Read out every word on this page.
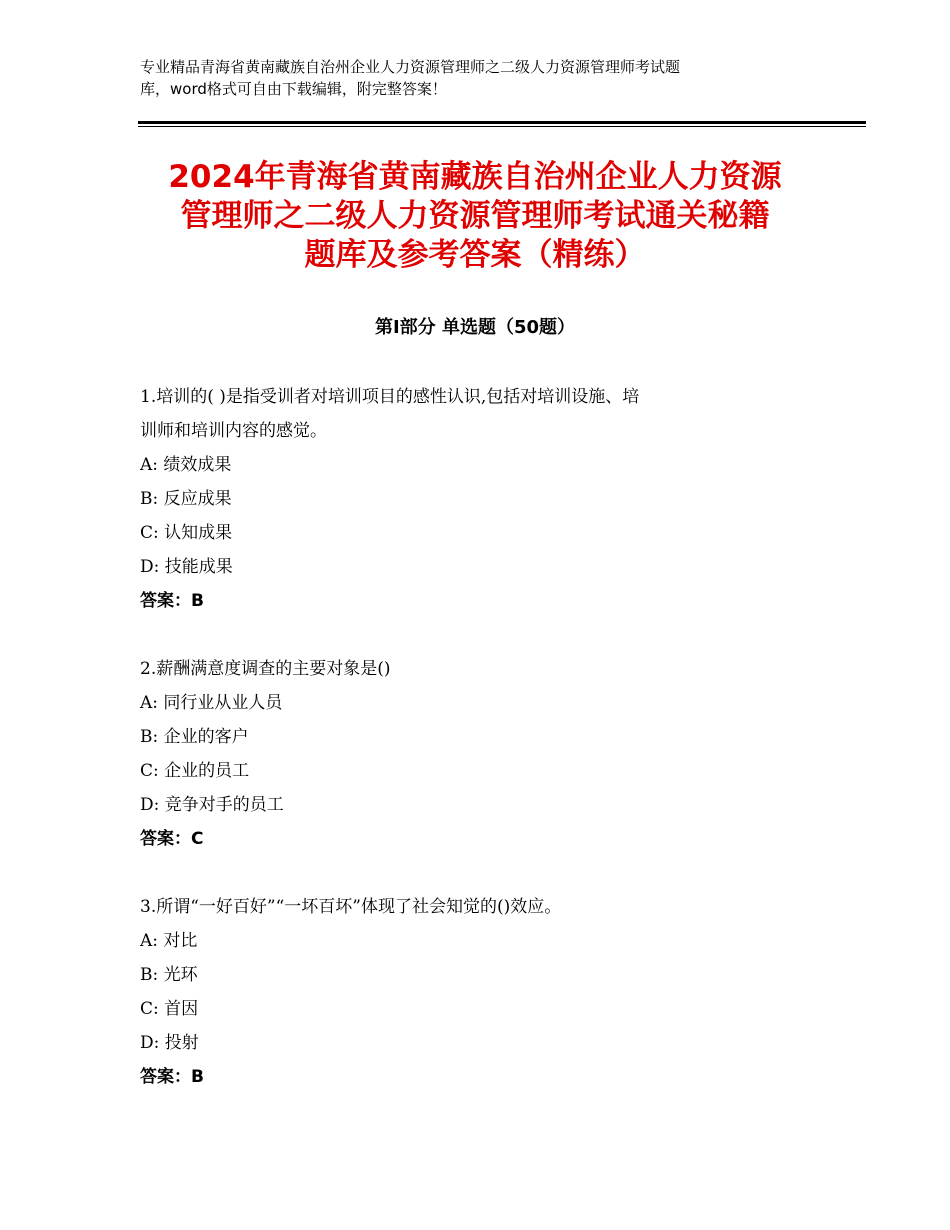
专业精品青海省黄南藏族自治州企业人力资源管理师之二级人力资源管理师考试题
库，word格式可自由下载编辑，附完整答案！
2024年青海省黄南藏族自治州企业人力资源
管理师之二级人力资源管理师考试通关秘籍
题库及参考答案（精练）
第Ⅰ部分 单选题（50题）
1.培训的( )是指受训者对培训项目的感性认识,包括对培训设施、培
训师和培训内容的感觉。
A: 绩效成果
B: 反应成果
C: 认知成果
D: 技能成果
答案：B
2.薪酬满意度调查的主要对象是()
A: 同行业从业人员
B: 企业的客户
C: 企业的员工
D: 竞争对手的员工
答案：C
3.所谓“一好百好”“一坏百坏”体现了社会知觉的()效应。
A: 对比
B: 光环
C: 首因
D: 投射
答案：B
